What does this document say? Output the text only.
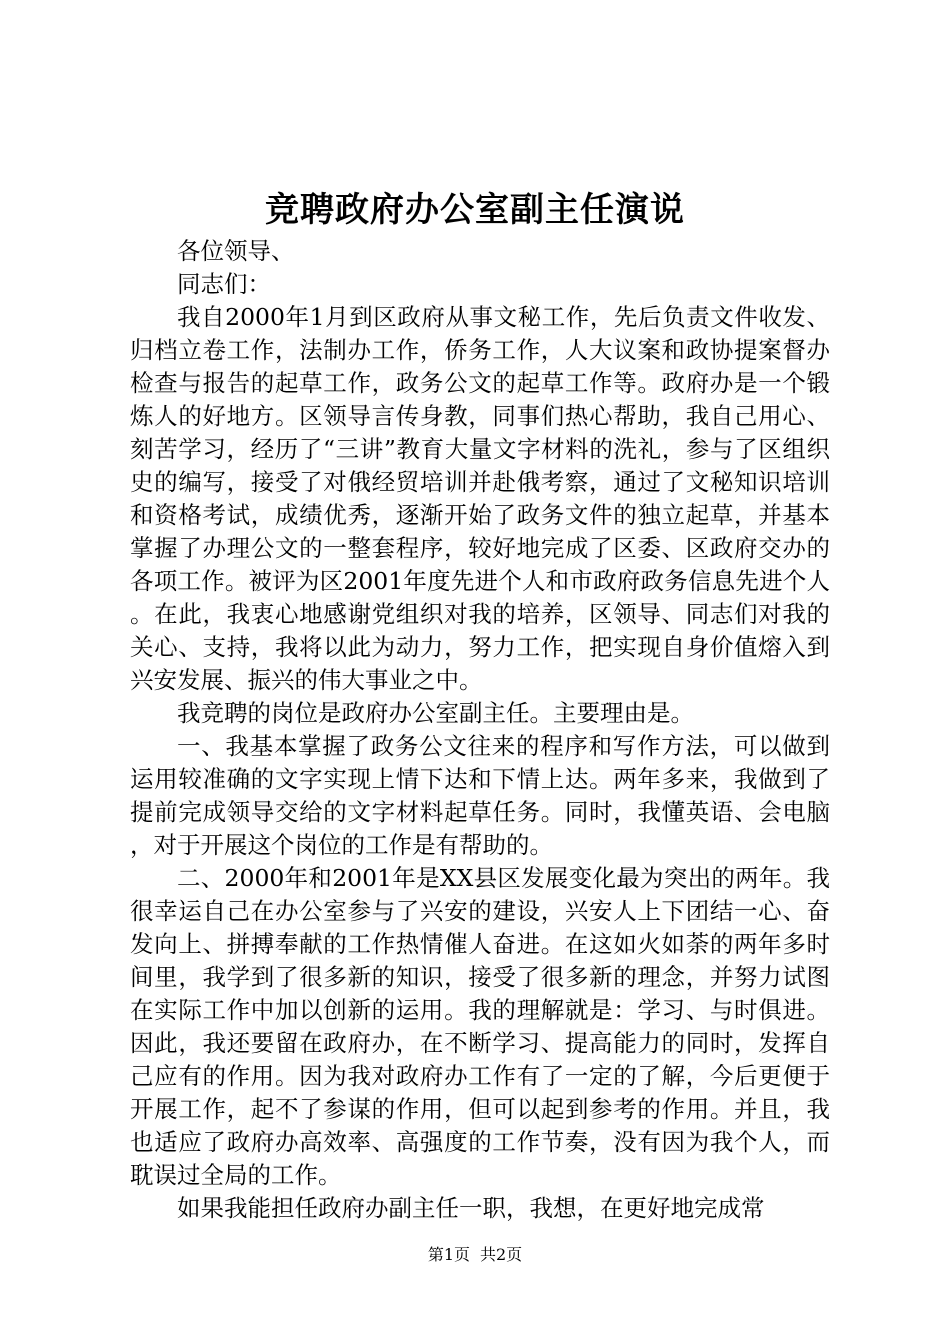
竞聘政府办公室副主任演说

各位领导、

同志们：

我自2000年1月到区政府从事文秘工作，先后负责文件收发、归档立卷工作，法制办工作，侨务工作，人大议案和政协提案督办检查与报告的起草工作，政务公文的起草工作等。政府办是一个锻炼人的好地方。区领导言传身教，同事们热心帮助，我自己用心、刻苦学习，经历了“三讲”教育大量文字材料的洗礼，参与了区组织史的编写，接受了对俄经贸培训并赴俄考察，通过了文秘知识培训和资格考试，成绩优秀，逐渐开始了政务文件的独立起草，并基本掌握了办理公文的一整套程序，较好地完成了区委、区政府交办的各项工作。被评为区2001年度先进个人和市政府政务信息先进个人。在此，我衷心地感谢党组织对我的培养，区领导、同志们对我的关心、支持，我将以此为动力，努力工作，把实现自身价值熔入到兴安发展、振兴的伟大事业之中。

我竞聘的岗位是政府办公室副主任。主要理由是。

一、我基本掌握了政务公文往来的程序和写作方法，可以做到运用较准确的文字实现上情下达和下情上达。两年多来，我做到了提前完成领导交给的文字材料起草任务。同时，我懂英语、会电脑，对于开展这个岗位的工作是有帮助的。

二、2000年和2001年是XX县区发展变化最为突出的两年。我很幸运自己在办公室参与了兴安的建设，兴安人上下团结一心、奋发向上、拼搏奉献的工作热情催人奋进。在这如火如荼的两年多时间里，我学到了很多新的知识，接受了很多新的理念，并努力试图在实际工作中加以创新的运用。我的理解就是：学习、与时俱进。因此，我还要留在政府办，在不断学习、提高能力的同时，发挥自己应有的作用。因为我对政府办工作有了一定的了解，今后更便于开展工作，起不了参谋的作用，但可以起到参考的作用。并且，我也适应了政府办高效率、高强度的工作节奏，没有因为我个人，而耽误过全局的工作。

如果我能担任政府办副主任一职，我想，在更好地完成常

第1页 共2页
